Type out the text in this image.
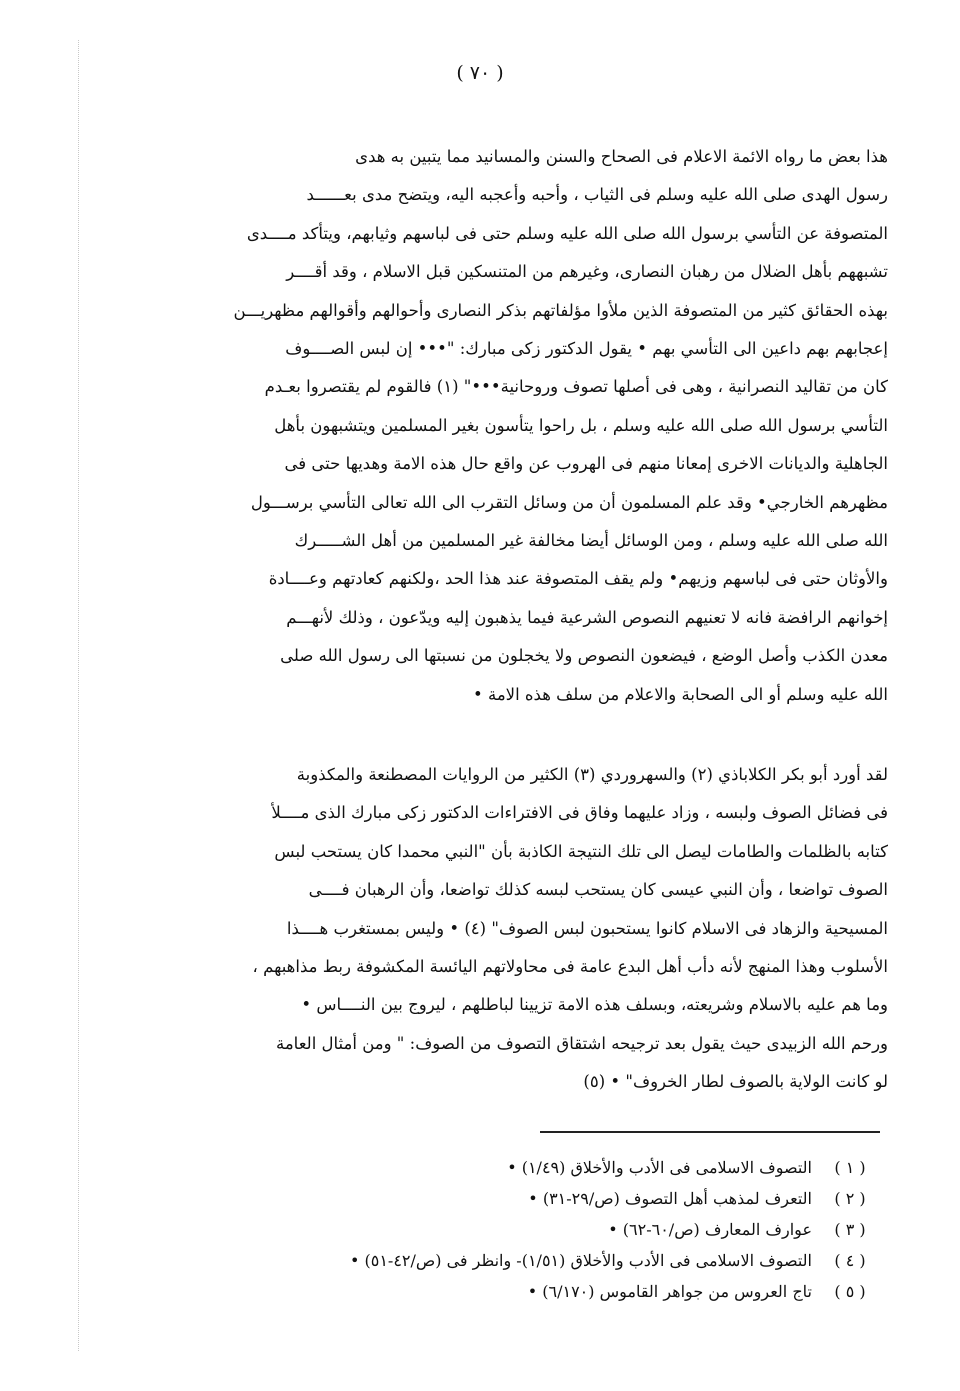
( ٧٠ )
هذا بعض ما رواه الائمة الاعلام فى الصحاح والسنن والمسانيد مما يتبين به هدى
رسول الهدى صلى الله عليه وسلم فى الثياب ، وأحبه وأعجبه اليه، ويتضح مدى بعــــــد
المتصوفة عن التأسي برسول الله صلى الله عليه وسلم حتى فى لباسهم وثيابهم، ويتأكد مــــدى
تشبههم بأهل الضلال من رهبان النصارى، وغيرهم من المتنسكين قبل الاسلام ، وقد أقــــر
بهذه الحقائق كثير من المتصوفة الذين ملأوا مؤلفاتهم بذكر النصارى وأحوالهم وأقوالهم مظهريـــن
إعجابهم بهم داعين الى التأسي بهم • يقول الدكتور زكى مبارك: "••• إن لبس الصــــوف
كان من تقاليد النصرانية ، وهى فى أصلها تصوف وروحانية•••" (١) فالقوم لم يقتصروا بعـدم
التأسي برسول الله صلى الله عليه وسلم ، بل راحوا يتأسون بغير المسلمين ويتشبهون بأهل
الجاهلية والديانات الاخرى إمعانا منهم فى الهروب عن واقع حال هذه الامة وهديها حتى فى
مظهرهم الخارجي• وقد علم المسلمون أن من وسائل التقرب الى الله تعالى التأسي برســـول
الله صلى الله عليه وسلم ، ومن الوسائل أيضا مخالفة غير المسلمين من أهل الشـــــرك
والأوثان حتى فى لباسهم وزيهم• ولم يقف المتصوفة عند هذا الحد ،ولكنهم كعادتهم وعــــادة
إخوانهم الرافضة فانه لا تعنيهم النصوص الشرعية فيما يذهبون إليه ويدّعون ، وذلك لأنهـــم
معدن الكذب وأصل الوضع ، فيضعون النصوص ولا يخجلون من نسبتها الى رسول الله صلى
الله عليه وسلم أو الى الصحابة والاعلام من سلف هذه الامة •
لقد أورد أبو بكر الكلاباذي (٢) والسهروردي (٣) الكثير من الروايات المصطنعة والمكذوبة
فى فضائل الصوف ولبسه ، وزاد عليهما وفاق فى الافتراءات الدكتور زكى مبارك الذى مــــلأ
كتابه بالظلمات والطامات ليصل الى تلك النتيجة الكاذبة بأن "النبي محمدا كان يستحب لبس
الصوف تواضعا ، وأن النبي عيسى كان يستحب لبسه كذلك تواضعا، وأن الرهبان فــــى
المسيحية والزهاد فى الاسلام كانوا يستحبون لبس الصوف" (٤) • وليس بمستغرب هــــذا
الأسلوب وهذا المنهج لأنه دأب أهل البدع عامة فى محاولاتهم اليائسة المكشوفة ربط مذاهبهم ،
وما هم عليه بالاسلام وشريعته، وبسلف هذه الامة تزيينا لباطلهم ، ليروج بين النــــاس •
ورحم الله الزبيدى حيث يقول بعد ترجيحه اشتقاق التصوف من الصوف: " ومن أمثال العامة
لو كانت الولاية بالصوف لطار الخروف" • (٥)
( ١ )
التصوف الاسلامى فى الأدب والأخلاق (١/٤٩) •
( ٢ )
التعرف لمذهب أهل التصوف (ص/٢٩-٣١) •
( ٣ )
عوارف المعارف (ص/٦٠-٦٢) •
( ٤ )
التصوف الاسلامى فى الأدب والأخلاق (١/٥١)- وانظر فى (ص/٤٢-٥١) •
( ٥ )
تاج العروس من جواهر القاموس (٦/١٧٠) •
